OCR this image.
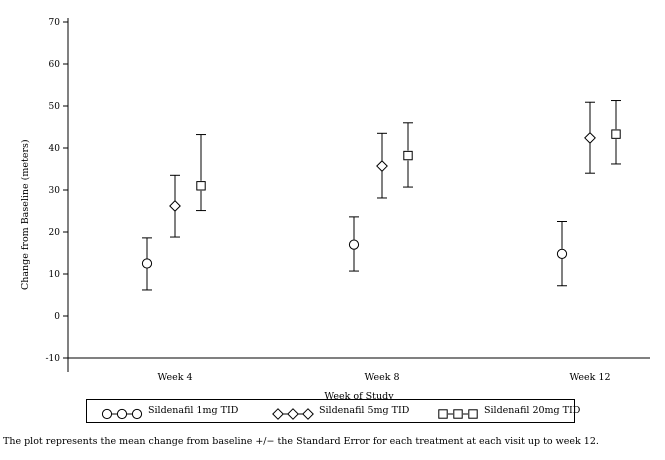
-10
0
10
20
30
40
50
60
70
Week 4	Week 8	Week 12
Week of Study
Change from Baseline (meters)
Sildenafil 1mg TID	Sildenafil 5mg TID	Sildenafil 20mg TID
The plot represents the mean change from baseline +/− the Standard Error for each treatment at each visit up to week 12.
